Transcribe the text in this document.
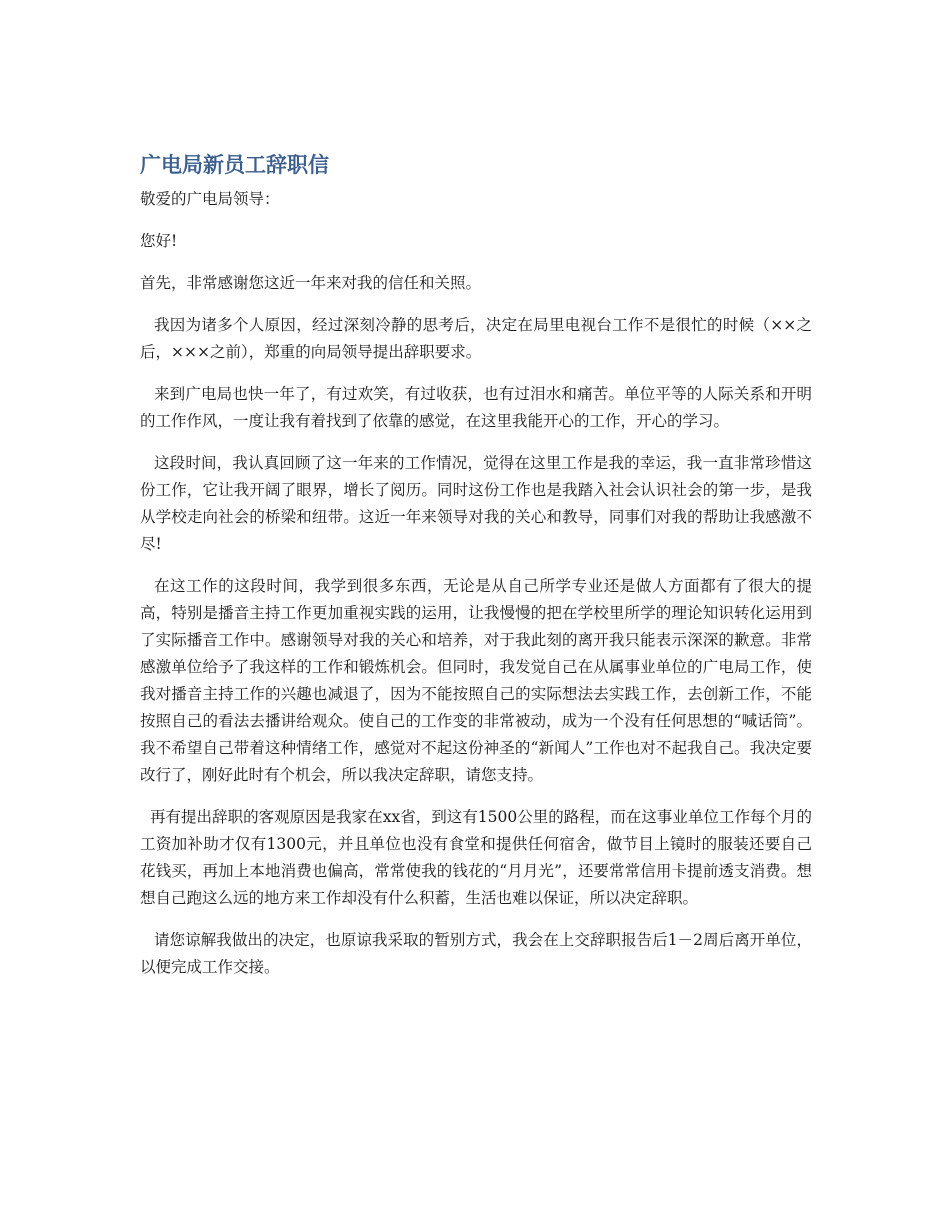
广电局新员工辞职信

敬爱的广电局领导：

您好!

首先，非常感谢您这近一年来对我的信任和关照。

我因为诸多个人原因，经过深刻冷静的思考后，决定在局里电视台工作不是很忙的时候（××之后，×××之前），郑重的向局领导提出辞职要求。

来到广电局也快一年了，有过欢笑，有过收获，也有过泪水和痛苦。单位平等的人际关系和开明的工作作风，一度让我有着找到了依靠的感觉，在这里我能开心的工作，开心的学习。

这段时间，我认真回顾了这一年来的工作情况，觉得在这里工作是我的幸运，我一直非常珍惜这份工作，它让我开阔了眼界，增长了阅历。同时这份工作也是我踏入社会认识社会的第一步，是我从学校走向社会的桥梁和纽带。这近一年来领导对我的关心和教导，同事们对我的帮助让我感激不尽!

在这工作的这段时间，我学到很多东西，无论是从自己所学专业还是做人方面都有了很大的提高，特别是播音主持工作更加重视实践的运用，让我慢慢的把在学校里所学的理论知识转化运用到了实际播音工作中。感谢领导对我的关心和培养，对于我此刻的离开我只能表示深深的歉意。非常感激单位给予了我这样的工作和锻炼机会。但同时，我发觉自己在从属事业单位的广电局工作，使我对播音主持工作的兴趣也减退了，因为不能按照自己的实际想法去实践工作，去创新工作，不能按照自己的看法去播讲给观众。使自己的工作变的非常被动，成为一个没有任何思想的“喊话筒”。我不希望自己带着这种情绪工作，感觉对不起这份神圣的“新闻人”工作也对不起我自己。我决定要改行了，刚好此时有个机会，所以我决定辞职，请您支持。

再有提出辞职的客观原因是我家在xx省，到这有1500公里的路程，而在这事业单位工作每个月的工资加补助才仅有1300元，并且单位也没有食堂和提供任何宿舍，做节目上镜时的服装还要自己花钱买，再加上本地消费也偏高，常常使我的钱花的“月月光”，还要常常信用卡提前透支消费。想想自己跑这么远的地方来工作却没有什么积蓄，生活也难以保证，所以决定辞职。

请您谅解我做出的决定，也原谅我采取的暂别方式，我会在上交辞职报告后1－2周后离开单位，以便完成工作交接。
